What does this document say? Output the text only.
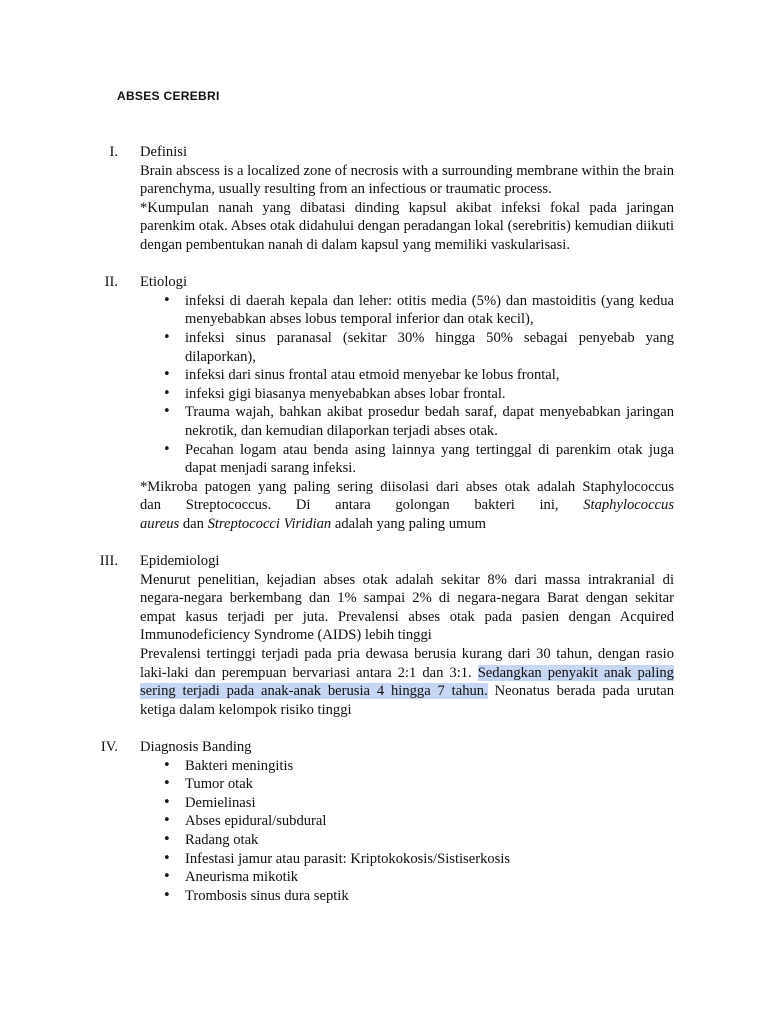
ABSES CEREBRI
I. Definisi

Brain abscess is a localized zone of necrosis with a surrounding membrane within the brain parenchyma, usually resulting from an infectious or traumatic process.

*Kumpulan nanah yang dibatasi dinding kapsul akibat infeksi fokal pada jaringan parenkim otak. Abses otak didahului dengan peradangan lokal (serebritis) kemudian diikuti dengan pembentukan nanah di dalam kapsul yang memiliki vaskularisasi.

II. Etiologi
• infeksi di daerah kepala dan leher: otitis media (5%) dan mastoiditis (yang kedua menyebabkan abses lobus temporal inferior dan otak kecil),
• infeksi sinus paranasal (sekitar 30% hingga 50% sebagai penyebab yang dilaporkan),
• infeksi dari sinus frontal atau etmoid menyebar ke lobus frontal,
• infeksi gigi biasanya menyebabkan abses lobar frontal.
• Trauma wajah, bahkan akibat prosedur bedah saraf, dapat menyebabkan jaringan nekrotik, dan kemudian dilaporkan terjadi abses otak.
• Pecahan logam atau benda asing lainnya yang tertinggal di parenkim otak juga dapat menjadi sarang infeksi.
*Mikroba patogen yang paling sering diisolasi dari abses otak adalah Staphylococcus
dan Streptococcus. Di antara golongan bakteri ini, Staphylococcus
aureus dan Streptococci Viridian adalah yang paling umum
III. Epidemiologi

Menurut penelitian, kejadian abses otak adalah sekitar 8% dari massa intrakranial di negara-negara berkembang dan 1% sampai 2% di negara-negara Barat dengan sekitar empat kasus terjadi per juta. Prevalensi abses otak pada pasien dengan Acquired Immunodeficiency Syndrome (AIDS) lebih tinggi

Prevalensi tertinggi terjadi pada pria dewasa berusia kurang dari 30 tahun, dengan rasio laki-laki dan perempuan bervariasi antara 2:1 dan 3:1. Sedangkan penyakit anak paling sering terjadi pada anak-anak berusia 4 hingga 7 tahun. Neonatus berada pada urutan ketiga dalam kelompok risiko tinggi

IV. Diagnosis Banding
• Bakteri meningitis
• Tumor otak
• Demielinasi
• Abses epidural/subdural
• Radang otak
• Infestasi jamur atau parasit: Kriptokokosis/Sistiserkosis
• Aneurisma mikotik
• Trombosis sinus dura septik
